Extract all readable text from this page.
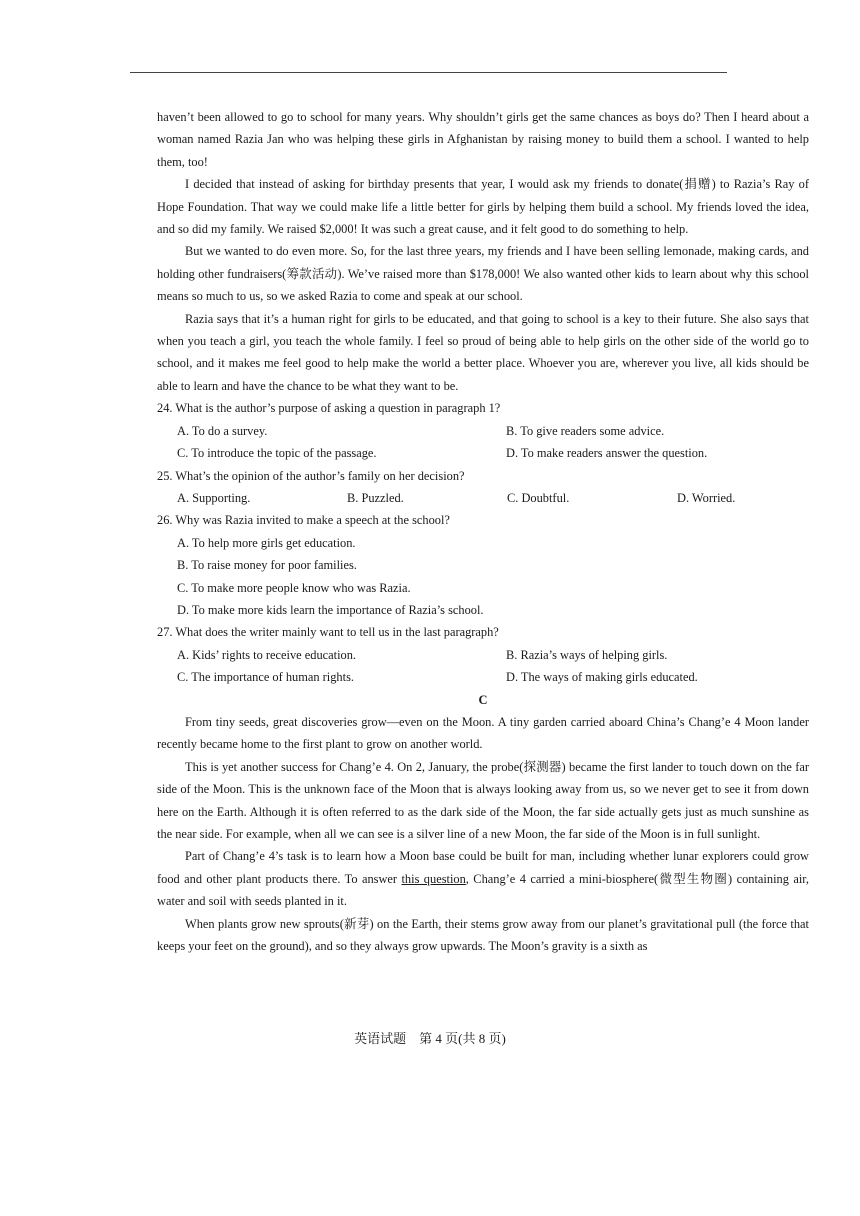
haven’t been allowed to go to school for many years. Why shouldn’t girls get the same chances as boys do? Then I heard about a woman named Razia Jan who was helping these girls in Afghanistan by raising money to build them a school. I wanted to help them, too!

I decided that instead of asking for birthday presents that year, I would ask my friends to donate(捐赠) to Razia’s Ray of Hope Foundation. That way we could make life a little better for girls by helping them build a school. My friends loved the idea, and so did my family. We raised $2,000! It was such a great cause, and it felt good to do something to help.

But we wanted to do even more. So, for the last three years, my friends and I have been selling lemonade, making cards, and holding other fundraisers(筹款活动). We’ve raised more than $178,000! We also wanted other kids to learn about why this school means so much to us, so we asked Razia to come and speak at our school.

Razia says that it’s a human right for girls to be educated, and that going to school is a key to their future. She also says that when you teach a girl, you teach the whole family. I feel so proud of being able to help girls on the other side of the world go to school, and it makes me feel good to help make the world a better place. Whoever you are, wherever you live, all kids should be able to learn and have the chance to be what they want to be.

24. What is the author’s purpose of asking a question in paragraph 1?

A. To do a survey.	B. To give readers some advice.
C. To introduce the topic of the passage.	D. To make readers answer the question.

25. What’s the opinion of the author’s family on her decision?

A. Supporting.	B. Puzzled.	C. Doubtful.	D. Worried.

26. Why was Razia invited to make a speech at the school?

A. To help more girls get education.
B. To raise money for poor families.
C. To make more people know who was Razia.
D. To make more kids learn the importance of Razia’s school.

27. What does the writer mainly want to tell us in the last paragraph?

A. Kids’ rights to receive education.	B. Razia’s ways of helping girls.
C. The importance of human rights.	D. The ways of making girls educated.

C

From tiny seeds, great discoveries grow—even on the Moon. A tiny garden carried aboard China’s Chang’e 4 Moon lander recently became home to the first plant to grow on another world.

This is yet another success for Chang’e 4. On 2, January, the probe(探测器) became the first lander to touch down on the far side of the Moon. This is the unknown face of the Moon that is always looking away from us, so we never get to see it from down here on the Earth. Although it is often referred to as the dark side of the Moon, the far side actually gets just as much sunshine as the near side. For example, when all we can see is a silver line of a new Moon, the far side of the Moon is in full sunlight.

Part of Chang’e 4’s task is to learn how a Moon base could be built for man, including whether lunar explorers could grow food and other plant products there. To answer this question, Chang’e 4 carried a mini-biosphere(微型生物圈) containing air, water and soil with seeds planted in it.

When plants grow new sprouts(新芽) on the Earth, their stems grow away from our planet’s gravitational pull (the force that keeps your feet on the ground), and so they always grow upwards. The Moon’s gravity is a sixth as

英语试题　第 4 页(共 8 页)
